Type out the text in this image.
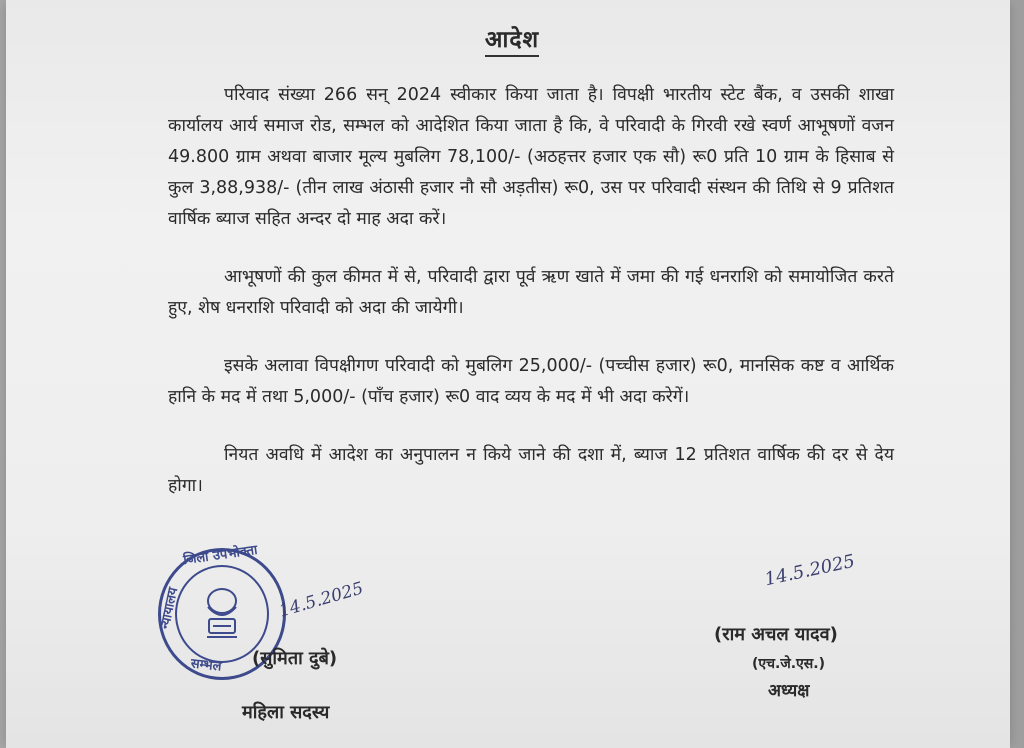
आदेश

परिवाद संख्या 266 सन् 2024 स्वीकार किया जाता है। विपक्षी भारतीय स्टेट बैंक, व उसकी शाखा कार्यालय आर्य समाज रोड, सम्भल को आदेशित किया जाता है कि, वे परिवादी के गिरवी रखे स्वर्ण आभूषणों वजन 49.800 ग्राम अथवा बाजार मूल्य मुबलिग 78,100/- (अठहत्तर हजार एक सौ) रू0 प्रति 10 ग्राम के हिसाब से कुल 3,88,938/- (तीन लाख अंठासी हजार नौ सौ अड़तीस) रू0, उस पर परिवादी संस्थन की तिथि से 9 प्रतिशत वार्षिक ब्याज सहित अन्दर दो माह अदा करें।

आभूषणों की कुल कीमत में से, परिवादी द्वारा पूर्व ऋण खाते में जमा की गई धनराशि को समायोजित करते हुए, शेष धनराशि परिवादी को अदा की जायेगी।

इसके अलावा विपक्षीगण परिवादी को मुबलिग 25,000/- (पच्चीस हजार) रू0, मानसिक कष्ट व आर्थिक हानि के मद में तथा 5,000/- (पाँच हजार) रू0 वाद व्यय के मद में भी अदा करेगें।

नियत अवधि में आदेश का अनुपालन न किये जाने की दशा में, ब्याज 12 प्रतिशत वार्षिक की दर से देय होगा।

जिला उपभोक्ता
न्यायालय
सम्भल
14.5.2025
(सुमिता दुबे)
महिला सदस्य
14.5.2025
(राम अचल यादव)
(एच.जे.एस.)
अध्यक्ष
